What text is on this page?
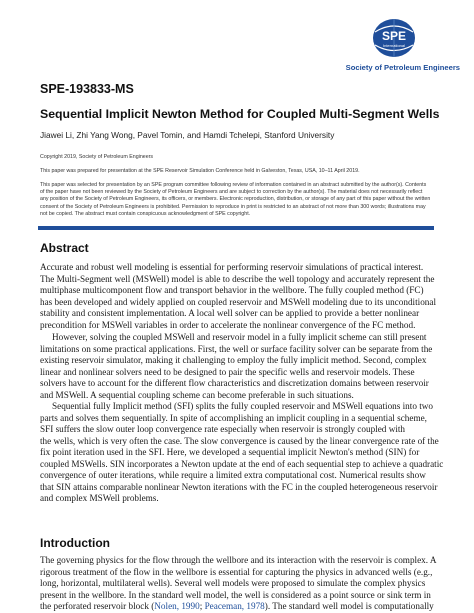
SPE
International
Society of Petroleum Engineers
SPE-193833-MS
Sequential Implicit Newton Method for Coupled Multi-Segment Wells
Jiawei Li, Zhi Yang Wong, Pavel Tomin, and Hamdi Tchelepi, Stanford University
Copyright 2019, Society of Petroleum Engineers
This paper was prepared for presentation at the SPE Reservoir Simulation Conference held in Galveston, Texas, USA, 10–11 April 2019.
This paper was selected for presentation by an SPE program committee following review of information contained in an abstract submitted by the author(s). Contents
of the paper have not been reviewed by the Society of Petroleum Engineers and are subject to correction by the author(s). The material does not necessarily reflect
any position of the Society of Petroleum Engineers, its officers, or members. Electronic reproduction, distribution, or storage of any part of this paper without the written
consent of the Society of Petroleum Engineers is prohibited. Permission to reproduce in print is restricted to an abstract of not more than 300 words; illustrations may
not be copied. The abstract must contain conspicuous acknowledgment of SPE copyright.
Abstract
Accurate and robust well modeling is essential for performing reservoir simulations of practical interest.
The Multi-Segment well (MSWell) model is able to describe the well topology and accurately represent the
multiphase multicomponent flow and transport behavior in the wellbore. The fully coupled method (FC)
has been developed and widely applied on coupled reservoir and MSWell modeling due to its unconditional
stability and consistent implementation. A local well solver can be applied to provide a better nonlinear
precondition for MSWell variables in order to accelerate the nonlinear convergence of the FC method.
However, solving the coupled MSWell and reservoir model in a fully implicit scheme can still present
limitations on some practical applications. First, the well or surface facility solver can be separate from the
existing reservoir simulator, making it challenging to employ the fully implicit method. Second, complex
linear and nonlinear solvers need to be designed to pair the specific wells and reservoir models. These
solvers have to account for the different flow characteristics and discretization domains between reservoir
and MSWell. A sequential coupling scheme can become preferable in such situations.
Sequential fully Implicit method (SFI) splits the fully coupled reservoir and MSWell equations into two
parts and solves them sequentially. In spite of accomplishing an implicit coupling in a sequential scheme,
SFI suffers the slow outer loop convergence rate especially when reservoir is strongly coupled with
the wells, which is very often the case. The slow convergence is caused by the linear convergence rate of the
fix point iteration used in the SFI. Here, we developed a sequential implicit Newton's method (SIN) for
coupled MSWells. SIN incorporates a Newton update at the end of each sequential step to achieve a quadratic
convergence of outer iterations, while require a limited extra computational cost. Numerical results show
that SIN attains comparable nonlinear Newton iterations with the FC in the coupled heterogeneous reservoir
and complex MSWell problems.
Introduction
The governing physics for the flow through the wellbore and its interaction with the reservoir is complex. A
rigorous treatment of the flow in the wellbore is essential for capturing the physics in advanced wells (e.g.,
long, horizontal, multilateral wells). Several well models were proposed to simulate the complex physics
present in the wellbore. In the standard well model, the well is considered as a point source or sink term in
the perforated reservoir block (Nolen, 1990; Peaceman, 1978). The standard well model is computationally
